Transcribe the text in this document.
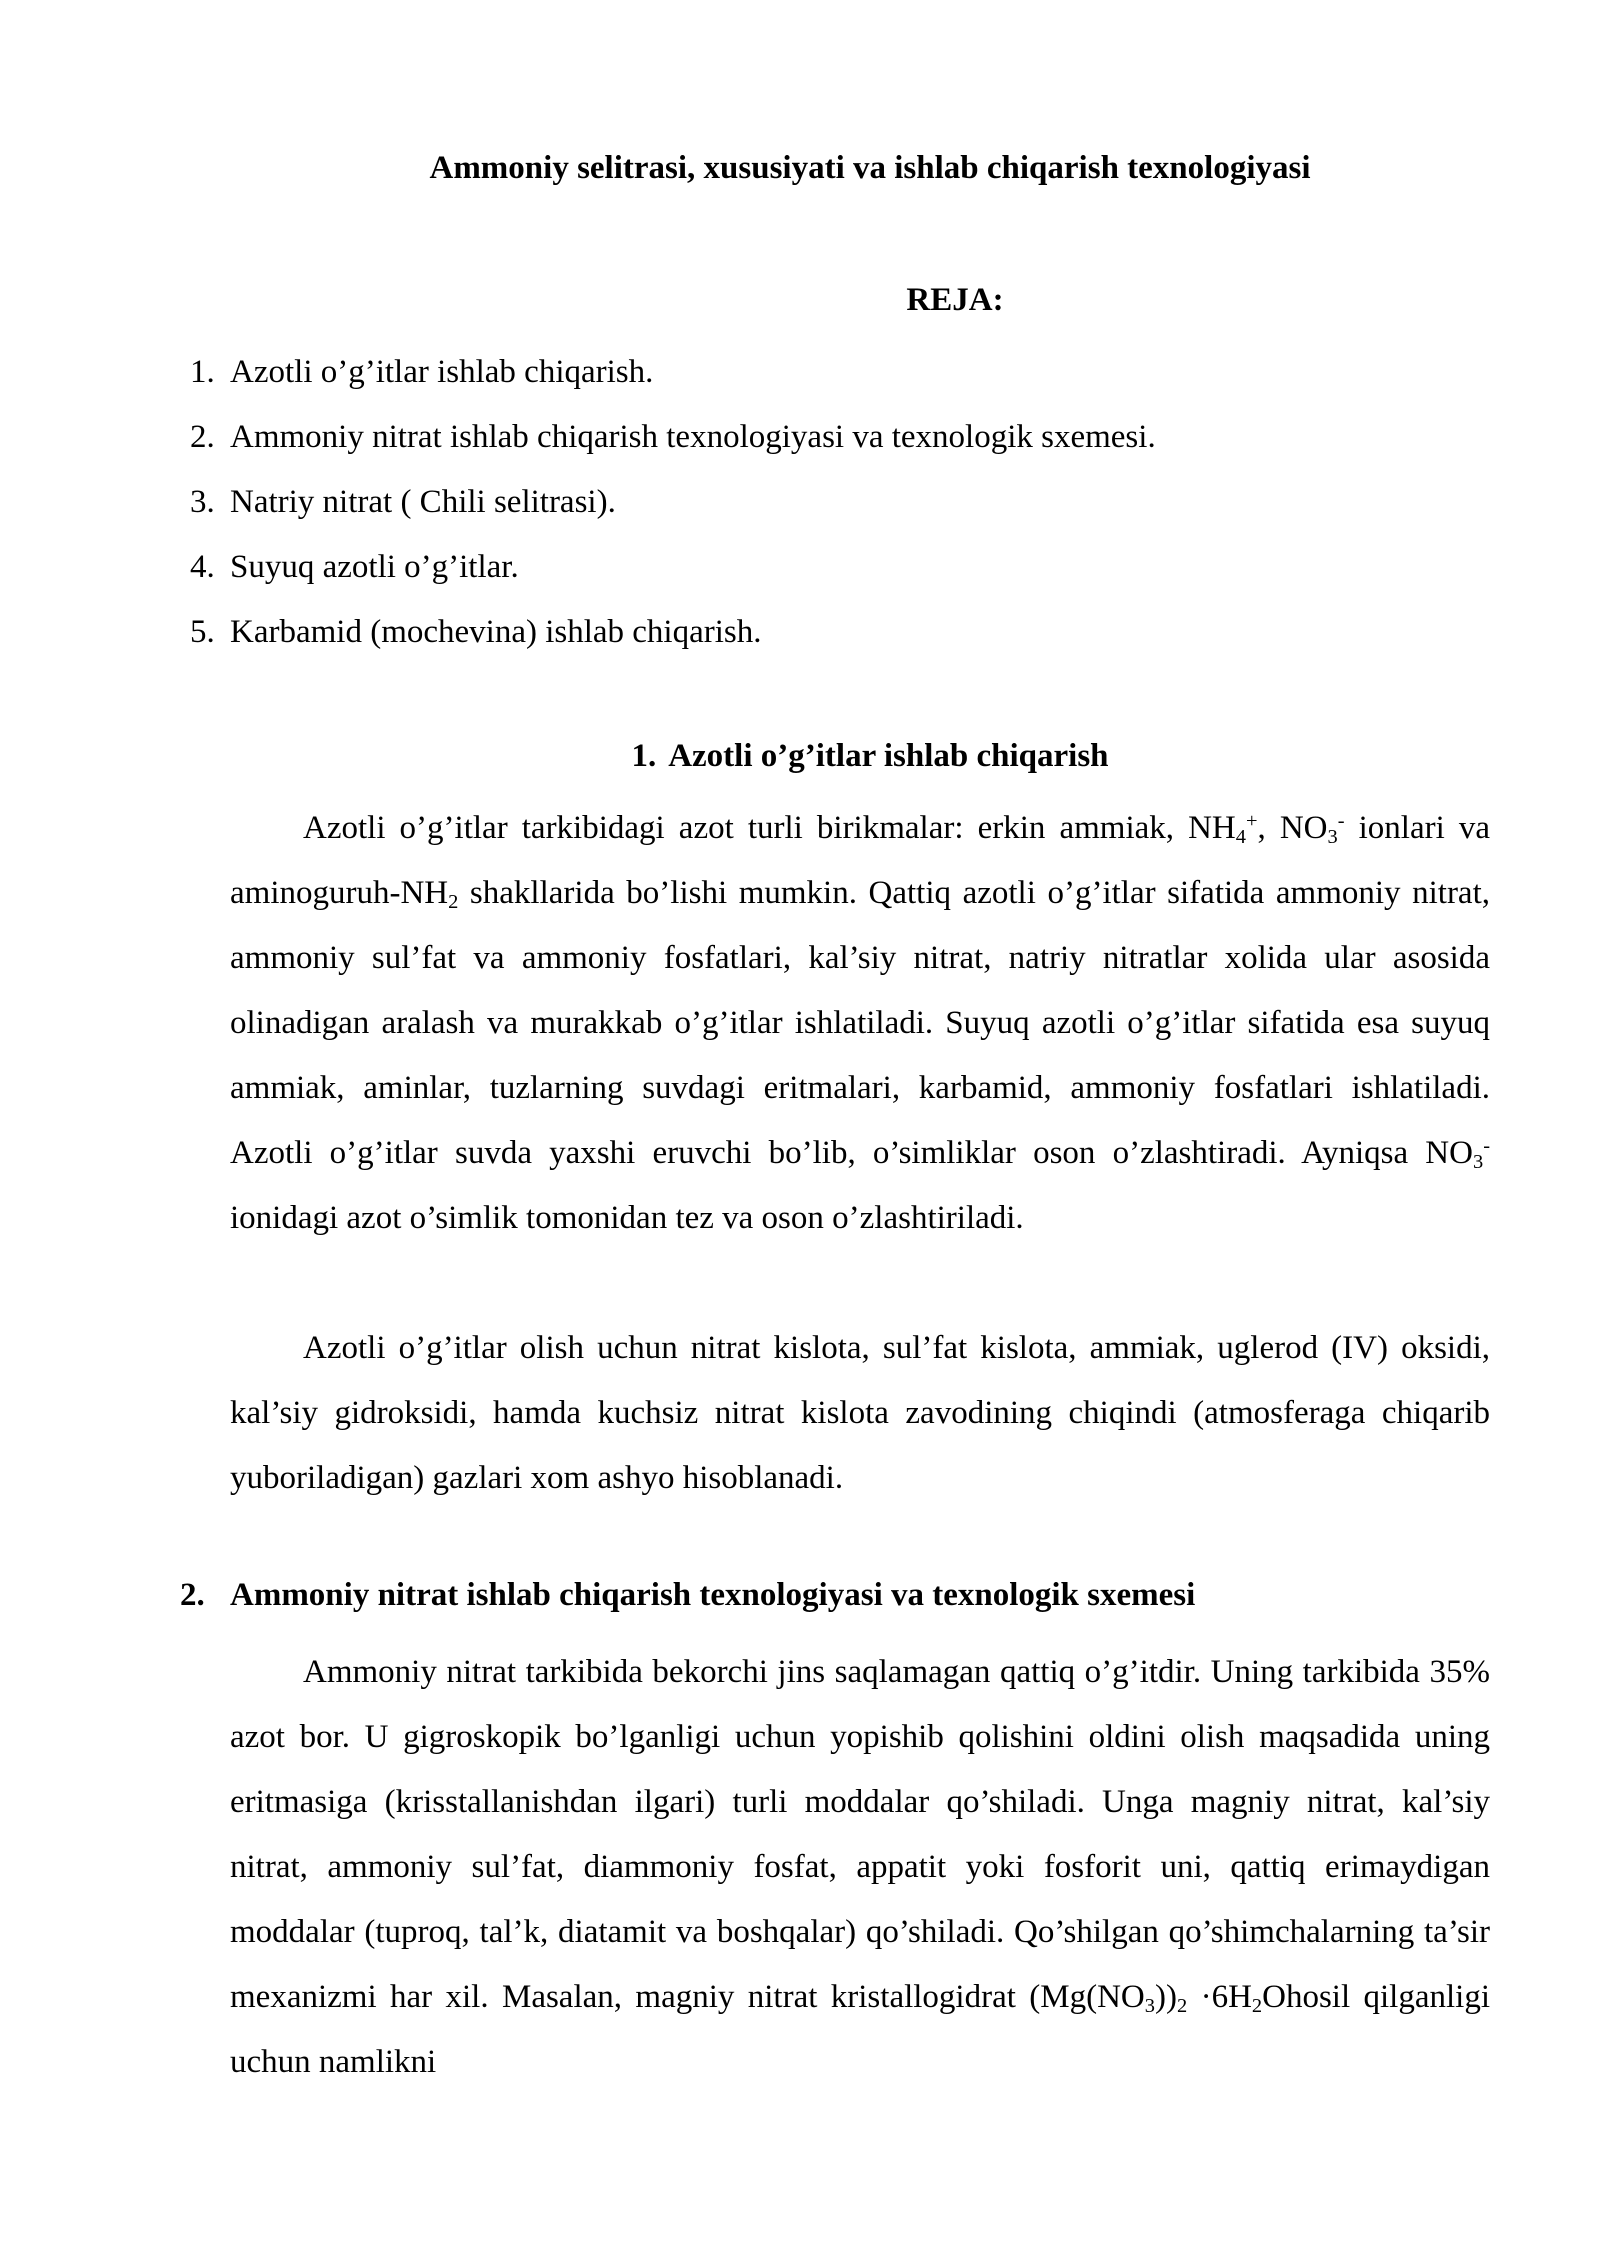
Ammoniy selitrasi, xususiyati va ishlab chiqarish texnologiyasi
REJA:
1. Azotli o’g’itlar ishlab chiqarish.
2. Ammoniy nitrat ishlab chiqarish texnologiyasi va texnologik sxemesi.
3. Natriy nitrat ( Chili selitrasi).
4. Suyuq azotli o’g’itlar.
5. Karbamid (mochevina) ishlab chiqarish.
1. Azotli o’g’itlar ishlab chiqarish

Azotli o’g’itlar tarkibidagi azot turli birikmalar: erkin ammiak, $NH_4^+$, $NO_3^-$ ionlari va aminoguruh-$NH_2$ shakllarida bo’lishi mumkin. Qattiq azotli o’g’itlar sifatida ammoniy nitrat, ammoniy sul’fat va ammoniy fosfatlari, kal’siy nitrat, natriy nitratlar xolida ular asosida olinadigan aralash va murakkab o’g’itlar ishlatiladi. Suyuq azotli o’g’itlar sifatida esa suyuq ammiak, aminlar, tuzlarning suvdagi eritmalari, karbamid, ammoniy fosfatlari ishlatiladi. Azotli o’g’itlar suvda yaxshi eruvchi bo’lib, o’simliklar oson o’zlashtiradi. Ayniqsa $NO_3^-$ ionidagi azot o’simlik tomonidan tez va oson o’zlashtiriladi.

Azotli o’g’itlar olish uchun nitrat kislota, sul’fat kislota, ammiak, uglerod (IV) oksidi, kal’siy gidroksidi, hamda kuchsiz nitrat kislota zavodining chiqindi (atmosferaga chiqarib yuboriladigan) gazlari xom ashyo hisoblanadi.

2. Ammoniy nitrat ishlab chiqarish texnologiyasi va texnologik sxemesi

Ammoniy nitrat tarkibida bekorchi jins saqlamagan qattiq o’g’itdir. Uning tarkibida 35% azot bor. U gigroskopik bo’lganligi uchun yopishib qolishini oldini olish maqsadida uning eritmasiga (krisstallanishdan ilgari) turli moddalar qo’shiladi. Unga magniy nitrat, kal’siy nitrat, ammoniy sul’fat, diammoniy fosfat, appatit yoki fosforit uni, qattiq erimaydigan moddalar (tuproq, tal’k, diatamit va boshqalar) qo’shiladi. Qo’shilgan qo’shimchalarning ta’sir mexanizmi har xil. Masalan, magniy nitrat kristallogidrat $(Mg(NO_3))_2$ $\cdot 6H_2Ohosil$ qilganligi uchun namlikni
